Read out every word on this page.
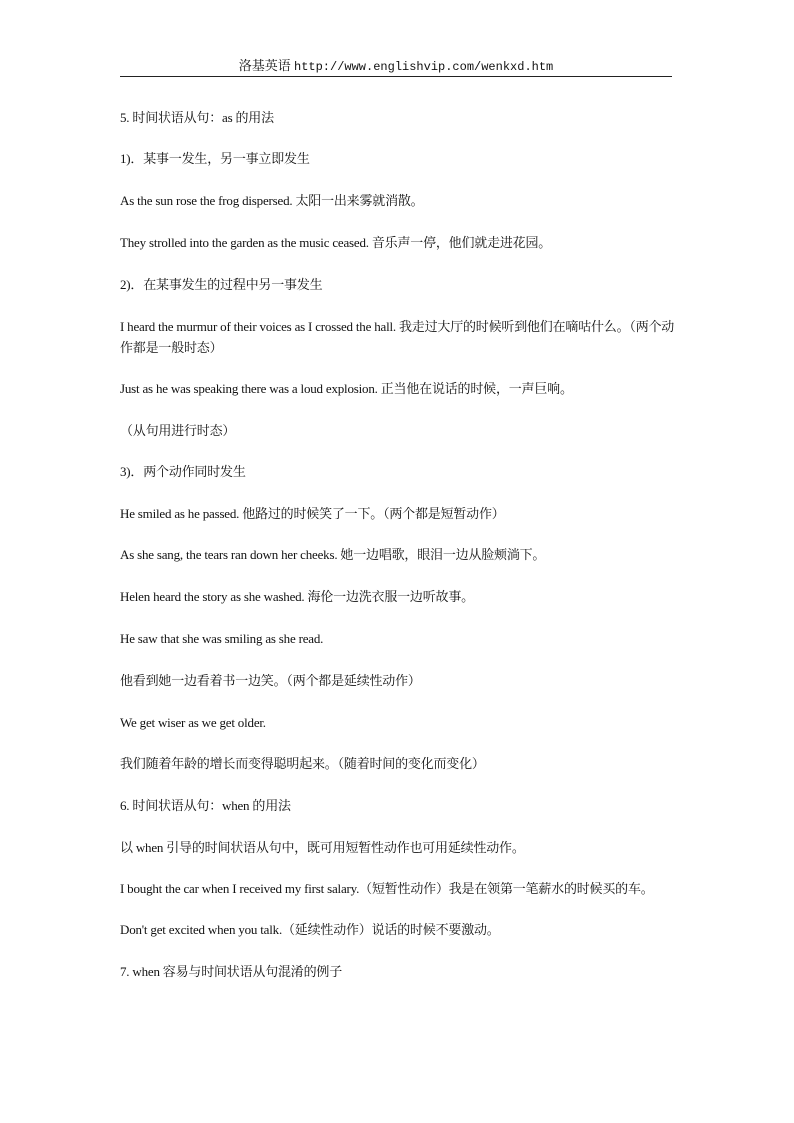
洛基英语 http://www.englishvip.com/wenkxd.htm

5. 时间状语从句：as 的用法

1)．某事一发生，另一事立即发生

As the sun rose the frog dispersed. 太阳一出来雾就消散。

They strolled into the garden as the music ceased. 音乐声一停，他们就走进花园。

2)．在某事发生的过程中另一事发生

I heard the murmur of their voices as I crossed the hall. 我走过大厅的时候听到他们在嘀咕什么。（两个动作都是一般时态）

Just as he was speaking there was a loud explosion. 正当他在说话的时候，一声巨响。

（从句用进行时态）

3)．两个动作同时发生

He smiled as he passed. 他路过的时候笑了一下。（两个都是短暂动作）

As she sang, the tears ran down her cheeks. 她一边唱歌，眼泪一边从脸颊淌下。

Helen heard the story as she washed. 海伦一边洗衣服一边听故事。

He saw that she was smiling as she read.

他看到她一边看着书一边笑。（两个都是延续性动作）

We get wiser as we get older.

我们随着年龄的增长而变得聪明起来。（随着时间的变化而变化）

6. 时间状语从句：when 的用法

以 when 引导的时间状语从句中，既可用短暂性动作也可用延续性动作。

I bought the car when I received my first salary.（短暂性动作）我是在领第一笔薪水的时候买的车。

Don't get excited when you talk.（延续性动作）说话的时候不要激动。

7. when 容易与时间状语从句混淆的例子
